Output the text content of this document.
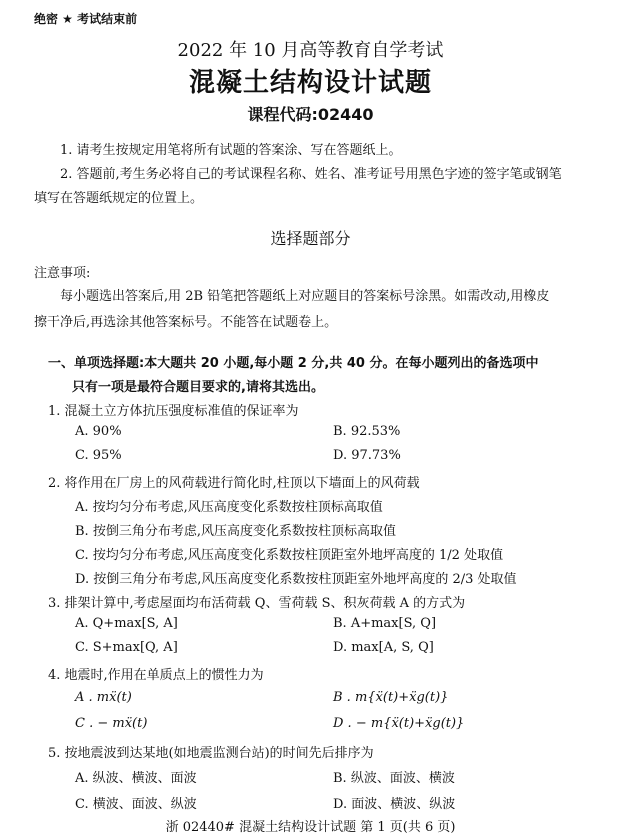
绝密 ★ 考试结束前
2022 年 10 月高等教育自学考试
混凝土结构设计试题
课程代码:02440
1. 请考生按规定用笔将所有试题的答案涂、写在答题纸上。
2. 答题前,考生务必将自己的考试课程名称、姓名、准考证号用黑色字迹的签字笔或钢笔
填写在答题纸规定的位置上。
选择题部分
注意事项:
每小题选出答案后,用 2B 铅笔把答题纸上对应题目的答案标号涂黑。如需改动,用橡皮
擦干净后,再选涂其他答案标号。不能答在试题卷上。
一、单项选择题:本大题共 20 小题,每小题 2 分,共 40 分。在每小题列出的备选项中
只有一项是最符合题目要求的,请将其选出。
1. 混凝土立方体抗压强度标准值的保证率为
A. 90%	B. 92.53%
C. 95%	D. 97.73%
2. 将作用在厂房上的风荷载进行简化时,柱顶以下墙面上的风荷载
A. 按均匀分布考虑,风压高度变化系数按柱顶标高取值
B. 按倒三角分布考虑,风压高度变化系数按柱顶标高取值
C. 按均匀分布考虑,风压高度变化系数按柱顶距室外地坪高度的 1/2 处取值
D. 按倒三角分布考虑,风压高度变化系数按柱顶距室外地坪高度的 2/3 处取值
3. 排架计算中,考虑屋面均布活荷载 Q、雪荷载 S、积灰荷载 A 的方式为
A. Q+max[S, A]	B. A+max[S, Q]
C. S+max[Q, A]	D. max[A, S, Q]
4. 地震时,作用在单质点上的惯性力为
A . mẍ(t)	B . m{ẍ(t)+ẍg(t)}
C . − mẍ(t)	D . − m{ẍ(t)+ẍg(t)}
5. 按地震波到达某地(如地震监测台站)的时间先后排序为
A. 纵波、横波、面波	B. 纵波、面波、横波
C. 横波、面波、纵波	D. 面波、横波、纵波
浙 02440# 混凝土结构设计试题 第 1 页(共 6 页)
